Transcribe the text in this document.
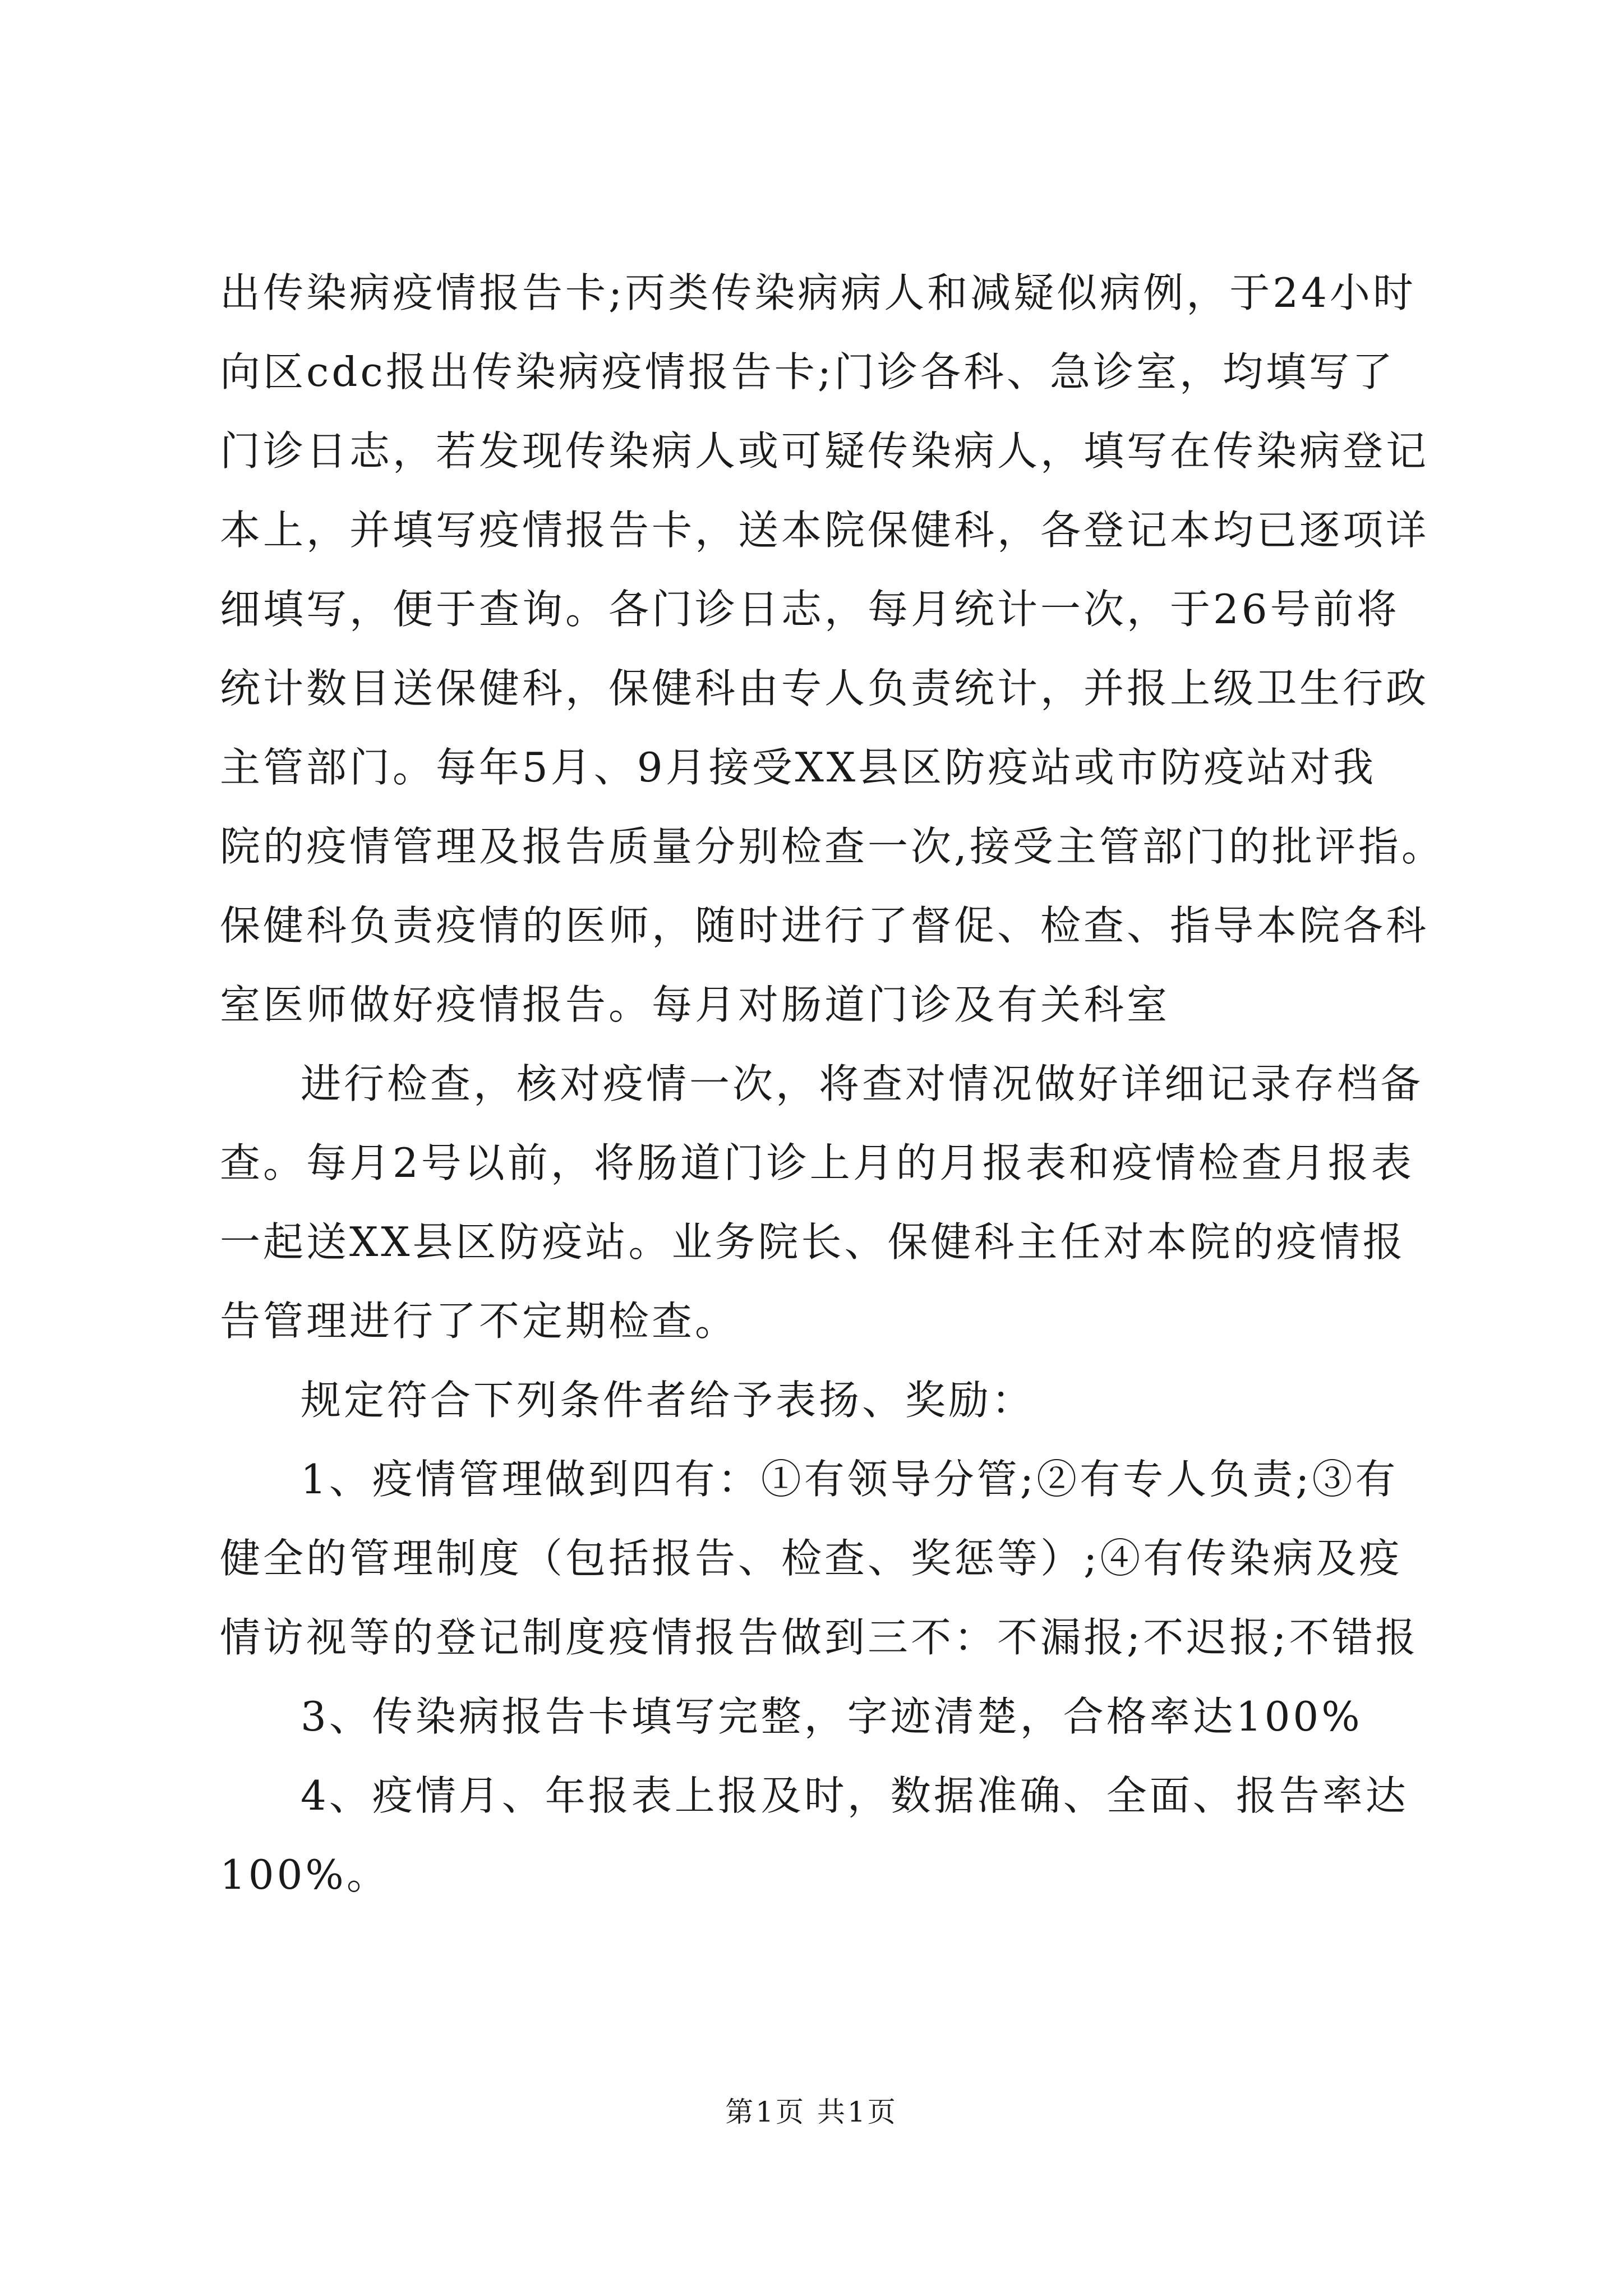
出传染病疫情报告卡;丙类传染病病人和减疑似病例，于24小时
向区cdc报出传染病疫情报告卡;门诊各科、急诊室，均填写了
门诊日志，若发现传染病人或可疑传染病人，填写在传染病登记
本上，并填写疫情报告卡，送本院保健科，各登记本均已逐项详
细填写，便于查询。各门诊日志，每月统计一次，于26号前将
统计数目送保健科，保健科由专人负责统计，并报上级卫生行政
主管部门。每年5月、9月接受XX县区防疫站或市防疫站对我
院的疫情管理及报告质量分别检查一次,接受主管部门的批评指。
保健科负责疫情的医师，随时进行了督促、检查、指导本院各科
室医师做好疫情报告。每月对肠道门诊及有关科室
进行检查，核对疫情一次，将查对情况做好详细记录存档备
查。每月2号以前，将肠道门诊上月的月报表和疫情检查月报表
一起送XX县区防疫站。业务院长、保健科主任对本院的疫情报
告管理进行了不定期检查。
规定符合下列条件者给予表扬、奖励：
1、疫情管理做到四有：①有领导分管;②有专人负责;③有
健全的管理制度（包括报告、检查、奖惩等）;④有传染病及疫
情访视等的登记制度疫情报告做到三不：不漏报;不迟报;不错报
3、传染病报告卡填写完整，字迹清楚，合格率达100%
4、疫情月、年报表上报及时，数据准确、全面、报告率达
100%。
第1页 共1页
